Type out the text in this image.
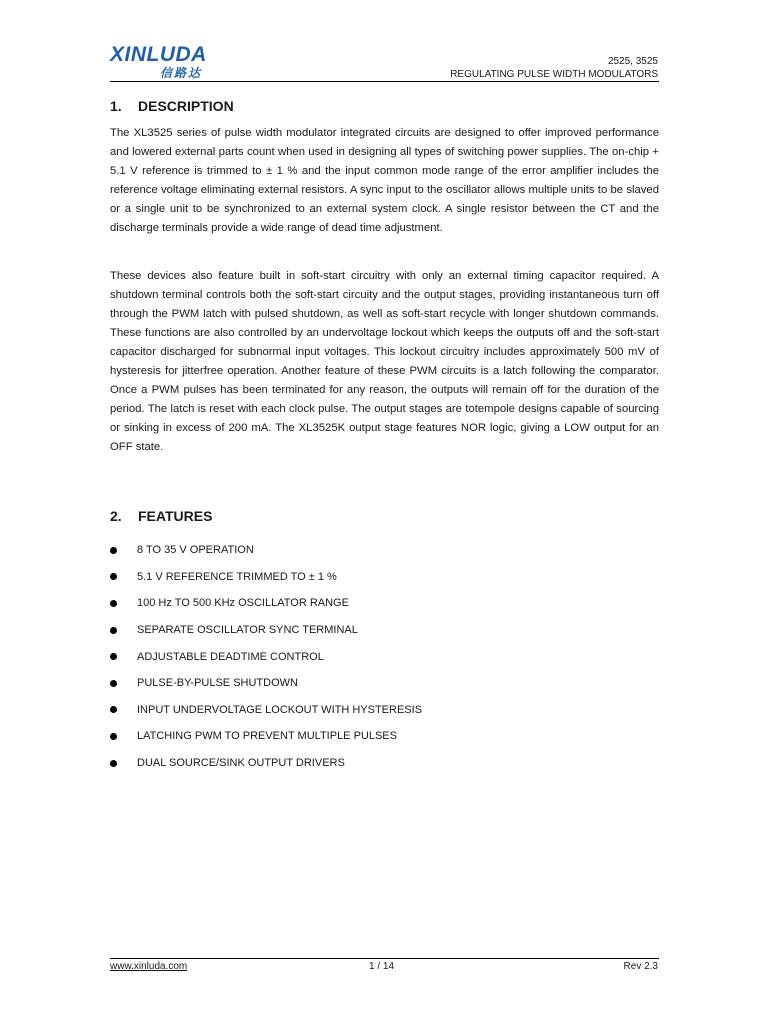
XINLUDA
信路达
2525, 3525
REGULATING PULSE WIDTH MODULATORS
1. DESCRIPTION

The XL3525 series of pulse width modulator integrated circuits are designed to offer improved performance and lowered external parts count when used in designing all types of switching power supplies. The on-chip + 5.1 V reference is trimmed to ± 1 % and the input common mode range of the error amplifier includes the reference voltage eliminating external resistors. A sync input to the oscillator allows multiple units to be slaved or a single unit to be synchronized to an external system clock. A single resistor between the CT and the discharge terminals provide a wide range of dead time adjustment.

These devices also feature built in soft-start circuitry with only an external timing capacitor required. A shutdown terminal controls both the soft-start circuity and the output stages, providing instantaneous turn off through the PWM latch with pulsed shutdown, as well as soft-start recycle with longer shutdown commands. These functions are also controlled by an undervoltage lockout which keeps the outputs off and the soft-start capacitor discharged for subnormal input voltages. This lockout circuitry includes approximately 500 mV of hysteresis for jitterfree operation. Another feature of these PWM circuits is a latch following the comparator. Once a PWM pulses has been terminated for any reason, the outputs will remain off for the duration of the period. The latch is reset with each clock pulse. The output stages are totempole designs capable of sourcing or sinking in excess of 200 mA. The XL3525K output stage features NOR logic, giving a LOW output for an OFF state.

2. FEATURES
8 TO 35 V OPERATION
5.1 V REFERENCE TRIMMED TO ± 1 %
100 Hz TO 500 KHz OSCILLATOR RANGE
SEPARATE OSCILLATOR SYNC TERMINAL
ADJUSTABLE DEADTIME CONTROL
PULSE-BY-PULSE SHUTDOWN
INPUT UNDERVOLTAGE LOCKOUT WITH HYSTERESIS
LATCHING PWM TO PREVENT MULTIPLE PULSES
DUAL SOURCE/SINK OUTPUT DRIVERS
www.xinluda.com	1 / 14	Rev 2.3
